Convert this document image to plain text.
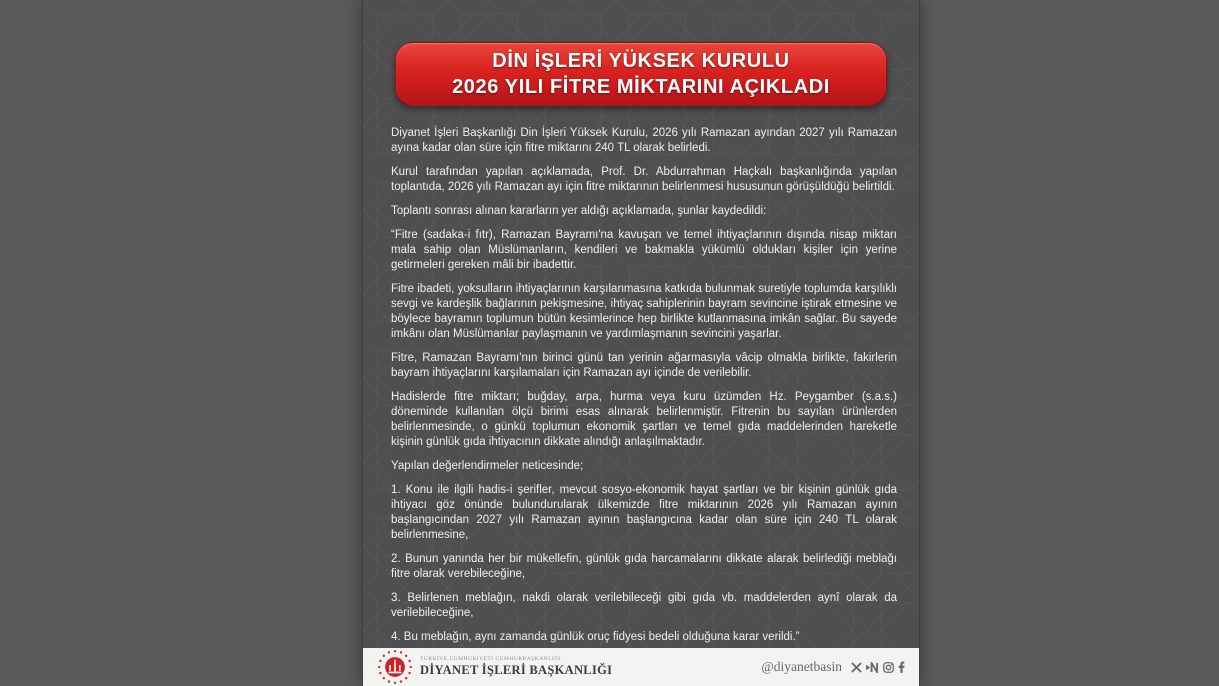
DİN İŞLERİ YÜKSEK KURULU
2026 YILI FİTRE MİKTARINI AÇIKLADI

Diyanet İşleri Başkanlığı Din İşleri Yüksek Kurulu, 2026 yılı Ramazan ayından 2027 yılı Ramazan ayına kadar olan süre için fitre miktarını 240 TL olarak belirledi.

Kurul tarafından yapılan açıklamada, Prof. Dr. Abdurrahman Haçkalı başkanlığında yapılan toplantıda, 2026 yılı Ramazan ayı için fitre miktarının belirlenmesi hususunun görüşüldüğü belirtildi.

Toplantı sonrası alınan kararların yer aldığı açıklamada, şunlar kaydedildi:

“Fitre (sadaka-i fıtr), Ramazan Bayramı'na kavuşan ve temel ihtiyaçlarının dışında nisap miktarı mala sahip olan Müslümanların, kendileri ve bakmakla yükümlü oldukları kişiler için yerine getirmeleri gereken mâli bir ibadettir.

Fitre ibadeti, yoksulların ihtiyaçlarının karşılanmasına katkıda bulunmak suretiyle toplumda karşılıklı sevgi ve kardeşlik bağlarının pekişmesine, ihtiyaç sahiplerinin bayram sevincine iştirak etmesine ve böylece bayramın toplumun bütün kesimlerince hep birlikte kutlanmasına imkân sağlar. Bu sayede imkânı olan Müslümanlar paylaşmanın ve yardımlaşmanın sevincini yaşarlar.

Fitre, Ramazan Bayramı'nın birinci günü tan yerinin ağarmasıyla vâcip olmakla birlikte, fakirlerin bayram ihtiyaçlarını karşılamaları için Ramazan ayı içinde de verilebilir.

Hadislerde fitre miktarı; buğday, arpa, hurma veya kuru üzümden Hz. Peygamber (s.a.s.) döneminde kullanılan ölçü birimi esas alınarak belirlenmiştir. Fitrenin bu sayılan ürünlerden belirlenmesinde, o günkü toplumun ekonomik şartları ve temel gıda maddelerinden hareketle kişinin günlük gıda ihtiyacının dikkate alındığı anlaşılmaktadır.

Yapılan değerlendirmeler neticesinde;

1. Konu ile ilgili hadis-i şerifler, mevcut sosyo-ekonomik hayat şartları ve bir kişinin günlük gıda ihtiyacı göz önünde bulundurularak ülkemizde fitre miktarının 2026 yılı Ramazan ayının başlangıcından 2027 yılı Ramazan ayının başlangıcına kadar olan süre için 240 TL olarak belirlenmesine,

2. Bunun yanında her bir mükellefin, günlük gıda harcamalarını dikkate alarak belirlediği meblağı fitre olarak verebileceğine,

3. Belirlenen meblağın, nakdi olarak verilebileceği gibi gıda vb. maddelerden aynî olarak da verilebileceğine,

4. Bu meblağın, aynı zamanda günlük oruç fidyesi bedeli olduğuna karar verildi.”

TÜRKİYE CUMHURİYETİ CUMHURBAŞKANLIĞI
DİYANET İŞLERİ BAŞKANLIĞI	@diyanetbasin
